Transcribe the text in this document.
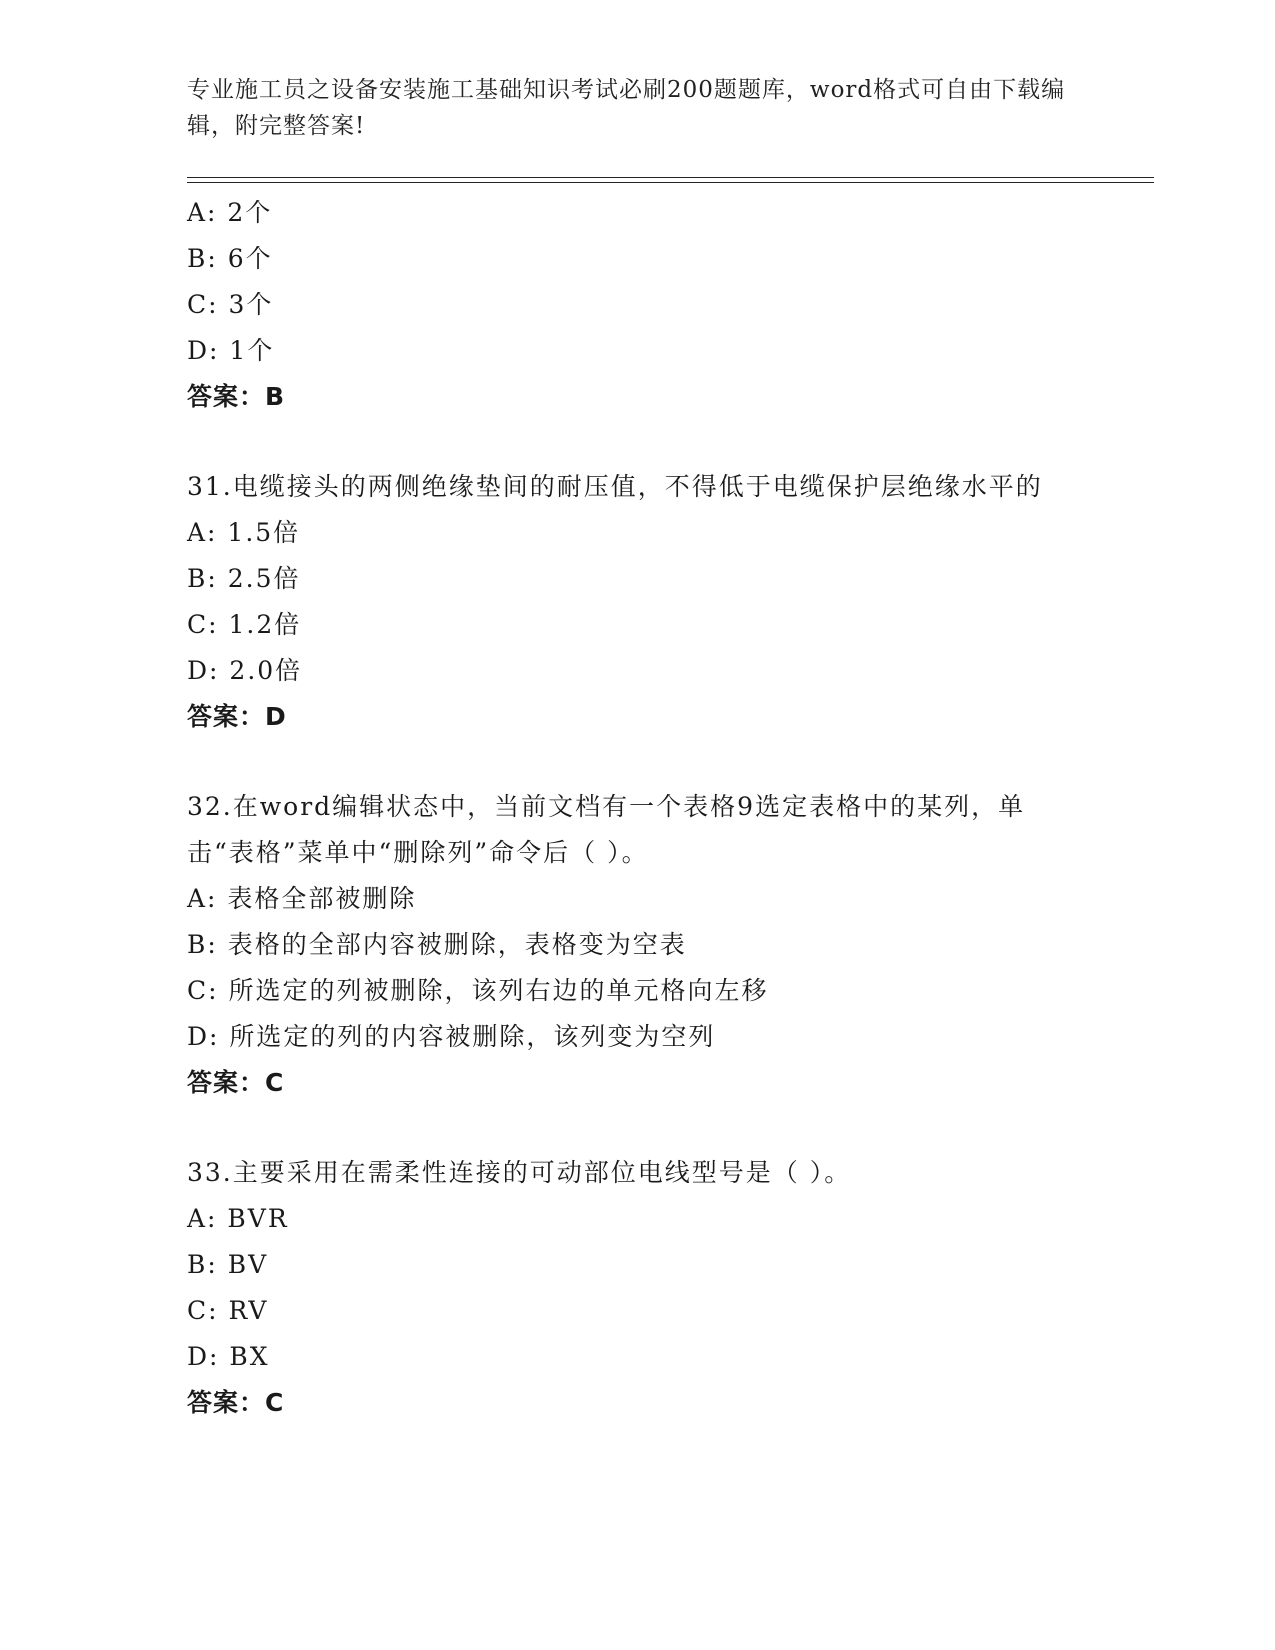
专业施工员之设备安装施工基础知识考试必刷200题题库，word格式可自由下载编辑，附完整答案!
A: 2个
B: 6个
C: 3个
D: 1个
答案：B
31.电缆接头的两侧绝缘垫间的耐压值，不得低于电缆保护层绝缘水平的
A: 1.5倍
B: 2.5倍
C: 1.2倍
D: 2.0倍
答案：D
32.在word编辑状态中，当前文档有一个表格9选定表格中的某列，单击“表格”菜单中“删除列”命令后（ ）。
A: 表格全部被删除
B: 表格的全部内容被删除，表格变为空表
C: 所选定的列被删除，该列右边的单元格向左移
D: 所选定的列的内容被删除，该列变为空列
答案：C
33.主要采用在需柔性连接的可动部位电线型号是（ ）。
A: BVR
B: BV
C: RV
D: BX
答案：C
